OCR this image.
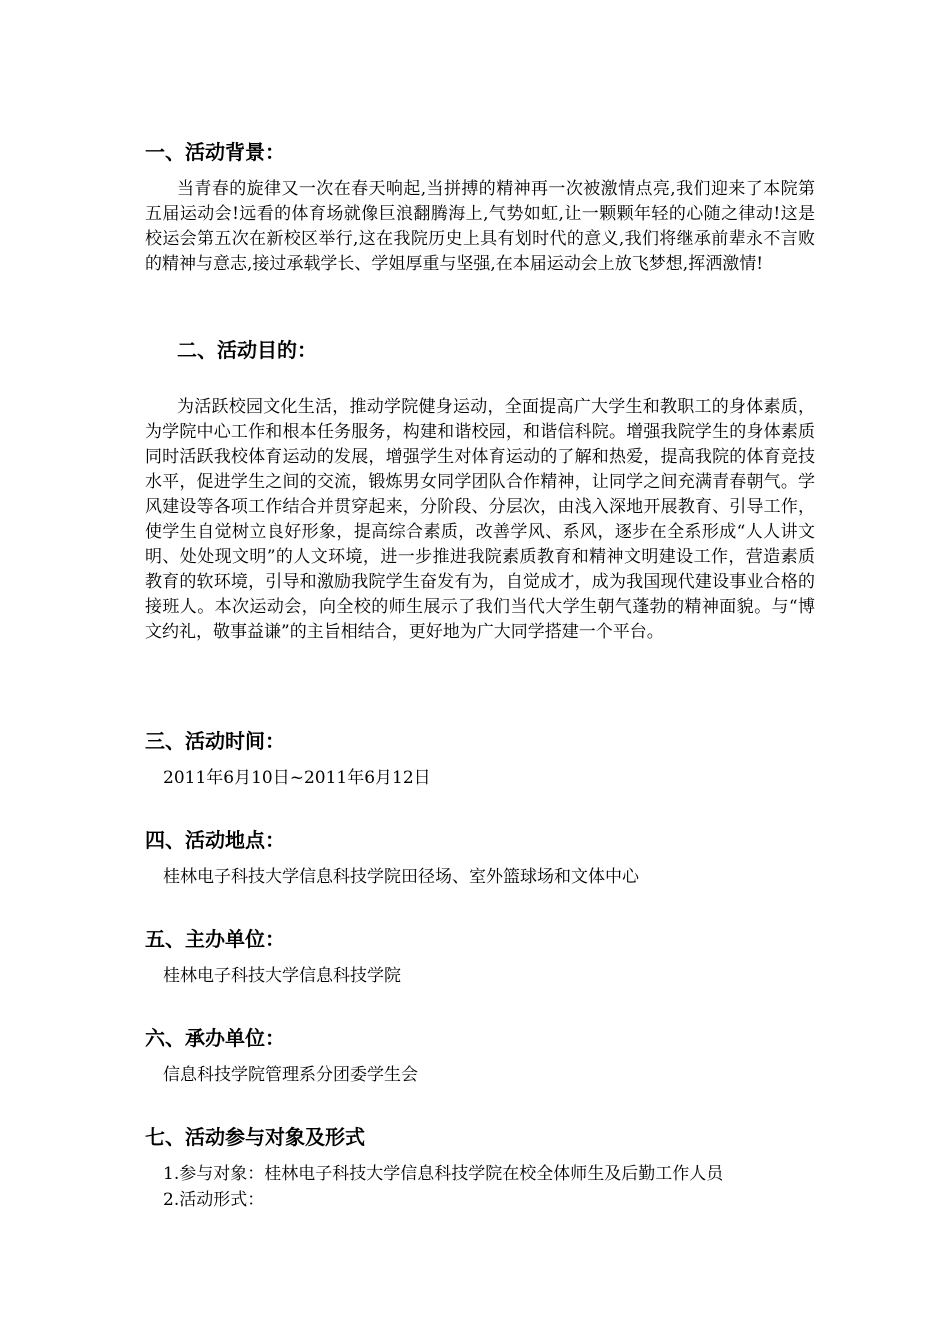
一、活动背景：

当青春的旋律又一次在春天响起,当拼搏的精神再一次被激情点亮,我们迎来了本院第五届运动会!远看的体育场就像巨浪翻腾海上,气势如虹,让一颗颗年轻的心随之律动!这是校运会第五次在新校区举行,这在我院历史上具有划时代的意义,我们将继承前辈永不言败的精神与意志,接过承载学长、学姐厚重与坚强,在本届运动会上放飞梦想,挥洒激情!

二、活动目的：

为活跃校园文化生活，推动学院健身运动，全面提高广大学生和教职工的身体素质，为学院中心工作和根本任务服务，构建和谐校园，和谐信科院。增强我院学生的身体素质同时活跃我校体育运动的发展，增强学生对体育运动的了解和热爱，提高我院的体育竞技水平，促进学生之间的交流，锻炼男女同学团队合作精神，让同学之间充满青春朝气。学风建设等各项工作结合并贯穿起来，分阶段、分层次，由浅入深地开展教育、引导工作，使学生自觉树立良好形象，提高综合素质，改善学风、系风，逐步在全系形成“人人讲文明、处处现文明”的人文环境，进一步推进我院素质教育和精神文明建设工作，营造素质教育的软环境，引导和激励我院学生奋发有为，自觉成才，成为我国现代建设事业合格的接班人。本次运动会，向全校的师生展示了我们当代大学生朝气蓬勃的精神面貌。与“博文约礼，敬事益谦”的主旨相结合，更好地为广大同学搭建一个平台。

三、活动时间：

2011年6月10日~2011年6月12日

四、活动地点：

桂林电子科技大学信息科技学院田径场、室外篮球场和文体中心

五、主办单位：

桂林电子科技大学信息科技学院

六、承办单位：

信息科技学院管理系分团委学生会

七、活动参与对象及形式

1.参与对象：桂林电子科技大学信息科技学院在校全体师生及后勤工作人员

2.活动形式：
